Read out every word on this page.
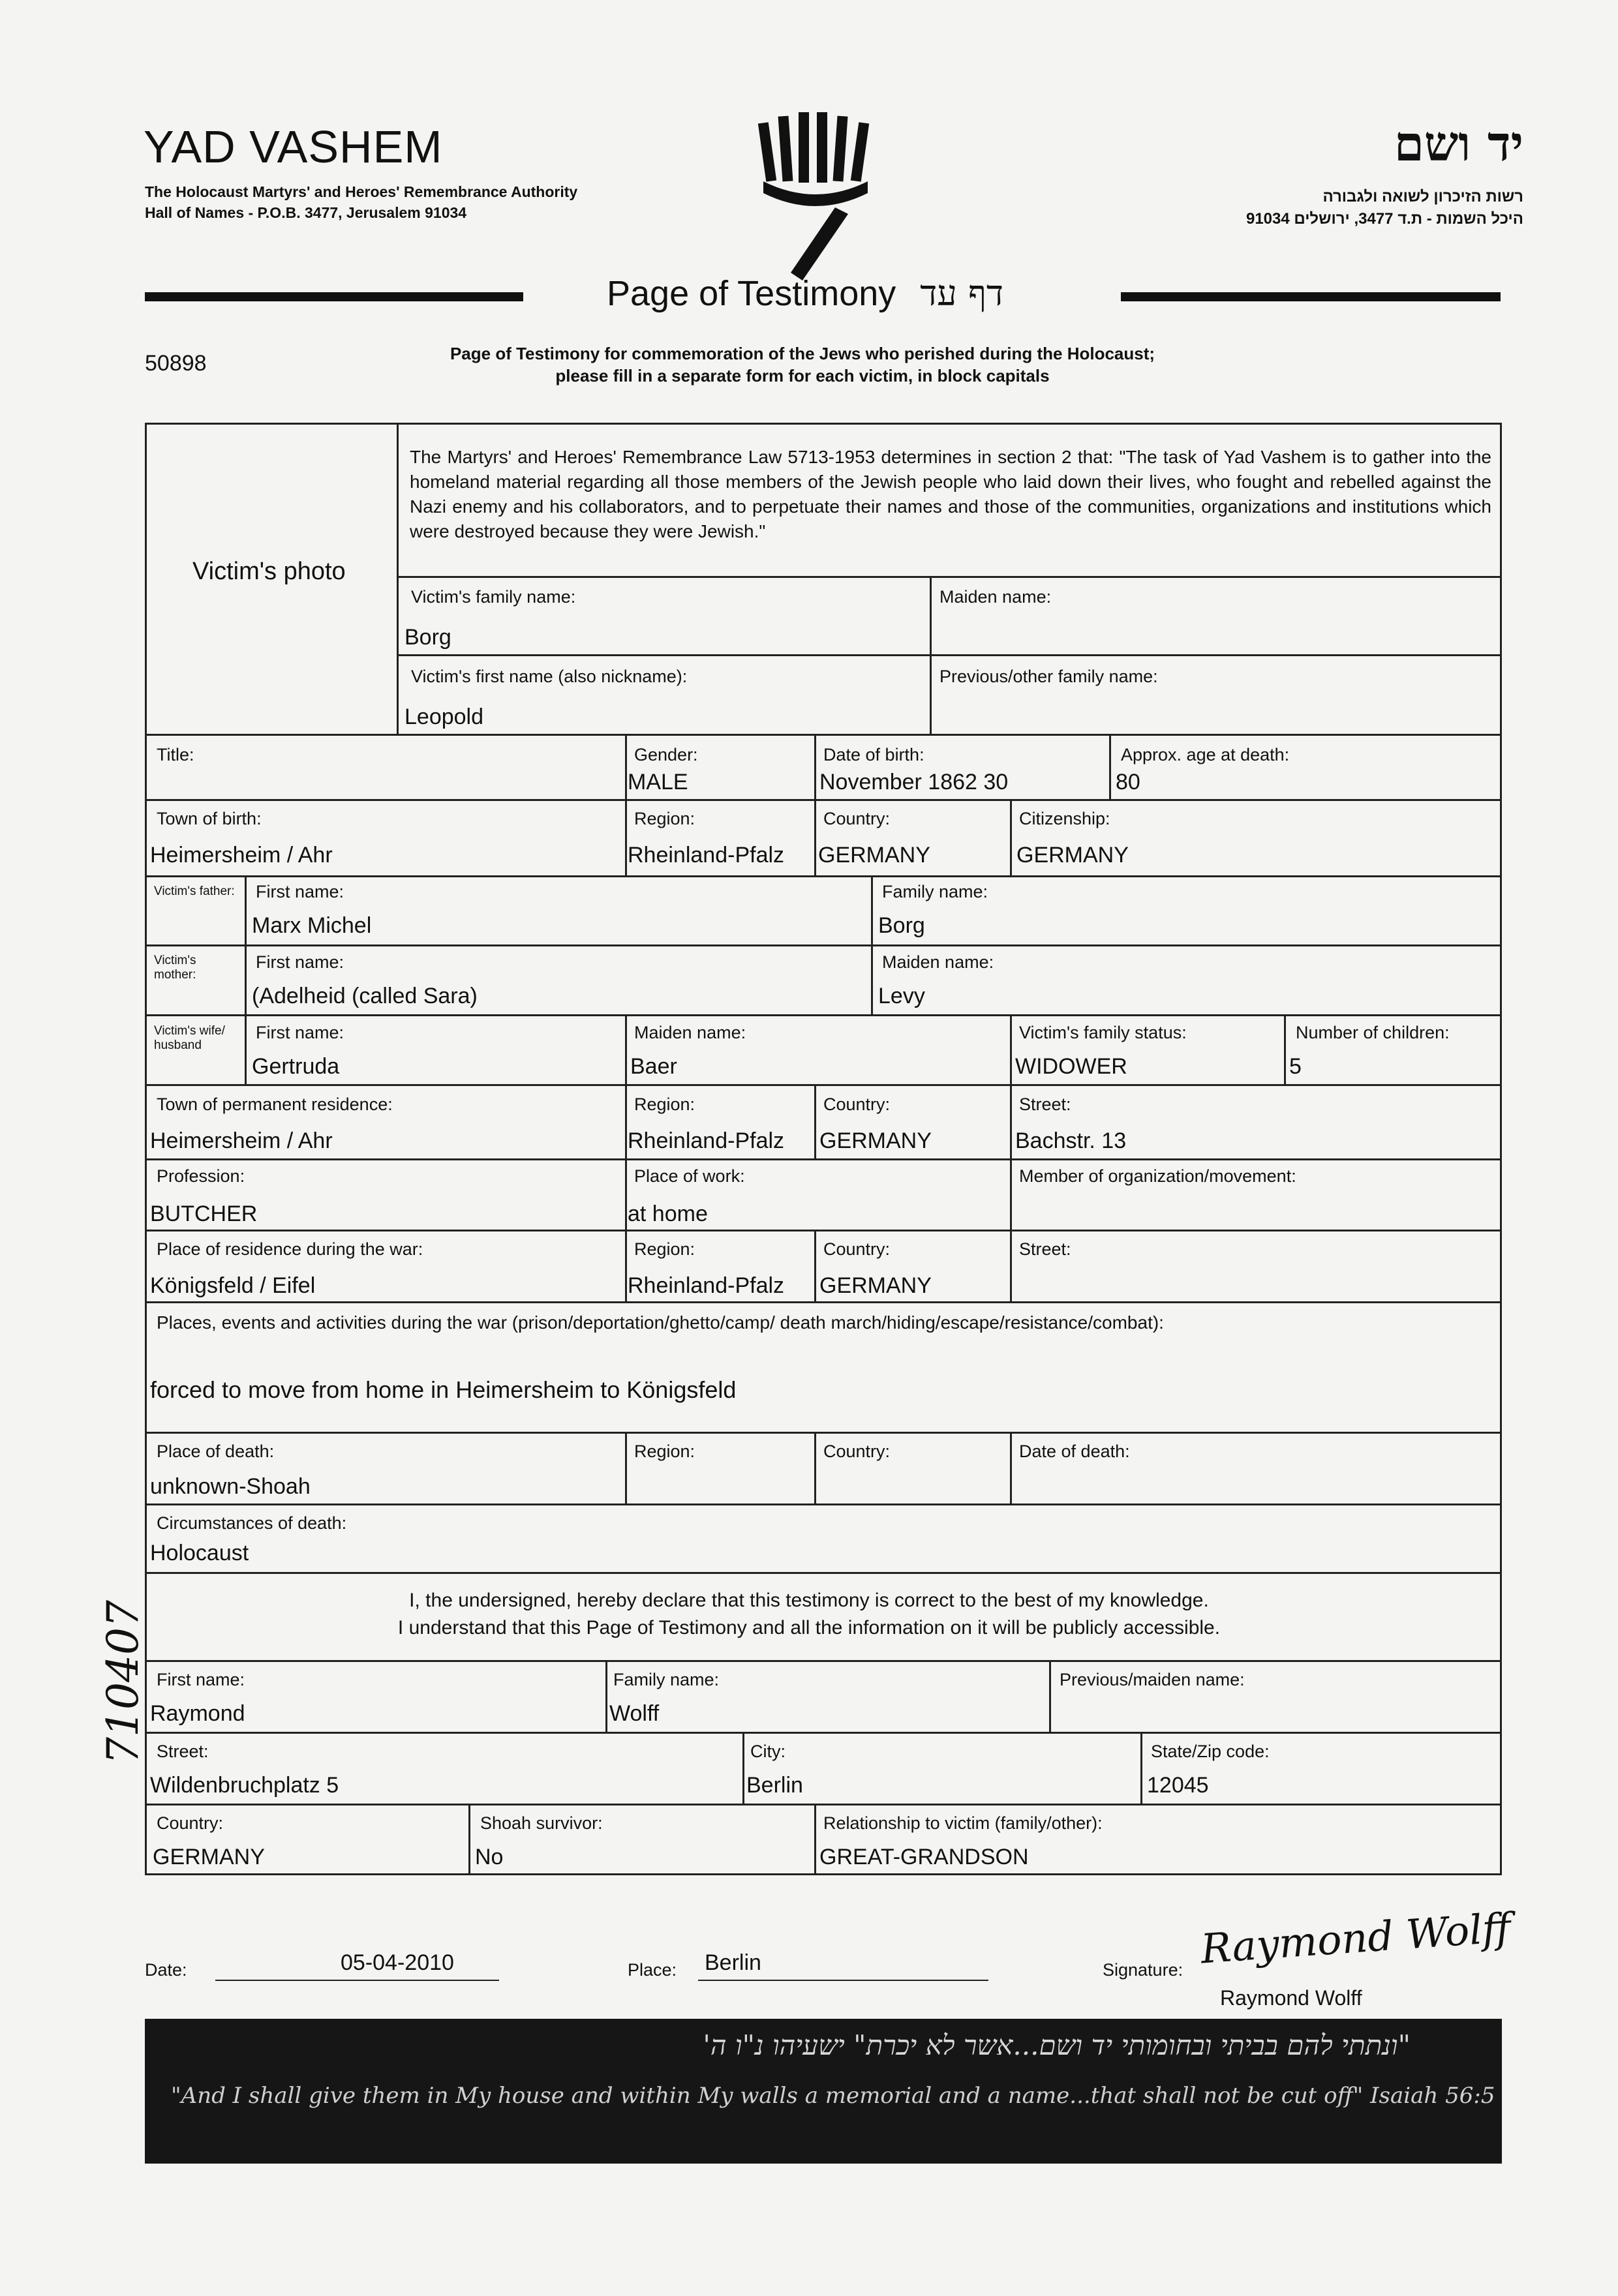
YAD VASHEM
The Holocaust Martyrs' and Heroes' Remembrance Authority
Hall of Names - P.O.B. 3477, Jerusalem 91034
יד ושם
רשות הזיכרון לשואה ולגבורה
היכל השמות - ת.ד 3477, ירושלים 91034
Page of Testimony דף עד
50898	Page of Testimony for commemoration of the Jews who perished during the Holocaust;
please fill in a separate form for each victim, in block capitals
Victim's photo
The Martyrs' and Heroes' Remembrance Law 5713-1953 determines in section 2 that: "The task of Yad Vashem is to gather into the homeland material regarding all those members of the Jewish people who laid down their lives, who fought and rebelled against the Nazi enemy and his collaborators, and to perpetuate their names and those of the communities, organizations and institutions which were destroyed because they were Jewish."
Victim's family name:
Borg
Maiden name:
Victim's first name (also nickname):
Leopold
Previous/other family name:
Title:	Gender:
MALE
Date of birth:
November 1862 30
Approx. age at death:
80
Town of birth:
Heimersheim / Ahr
Region:
Rheinland-Pfalz
Country:
GERMANY
Citizenship:
GERMANY
Victim's father: First name:
Marx Michel
Family name:
Borg
Victim's mother:
First name:
(Adelheid (called Sara)
Maiden name:
Levy
Victim's wife/ husband
First name:
Gertruda
Maiden name:
Baer
Victim's family status:
WIDOWER
Number of children:
5
Town of permanent residence:
Heimersheim / Ahr
Region:
Rheinland-Pfalz
Country:
GERMANY
Street:
Bachstr. 13
Profession:
BUTCHER
Place of work:
at home
Member of organization/movement:
Place of residence during the war:
Königsfeld / Eifel
Region:
Rheinland-Pfalz
Country:
GERMANY
Street:
Places, events and activities during the war (prison/deportation/ghetto/camp/ death march/hiding/escape/resistance/combat):
forced to move from home in Heimersheim to Königsfeld
Place of death:
unknown-Shoah
Region:	Country:	Date of death:
Circumstances of death:
Holocaust
I, the undersigned, hereby declare that this testimony is correct to the best of my knowledge.
I understand that this Page of Testimony and all the information on it will be publicly accessible.
First name:
Raymond
Family name:
Wolff
Previous/maiden name:
Street:
Wildenbruchplatz 5
City:
Berlin
State/Zip code:
12045
Country:
GERMANY
Shoah survivor:
No
Relationship to victim (family/other):
GREAT-GRANDSON
Date:	05-04-2010	Place: Berlin	Signature: Raymond Wolff
Raymond Wolff
710407
"ונתתי להם בביתי ובחומותי יד ושם...אשר לא יכרת" ישעיהו נ"ו ה'
"And I shall give them in My house and within My walls a memorial and a name...that shall not be cut off" Isaiah 56:5
